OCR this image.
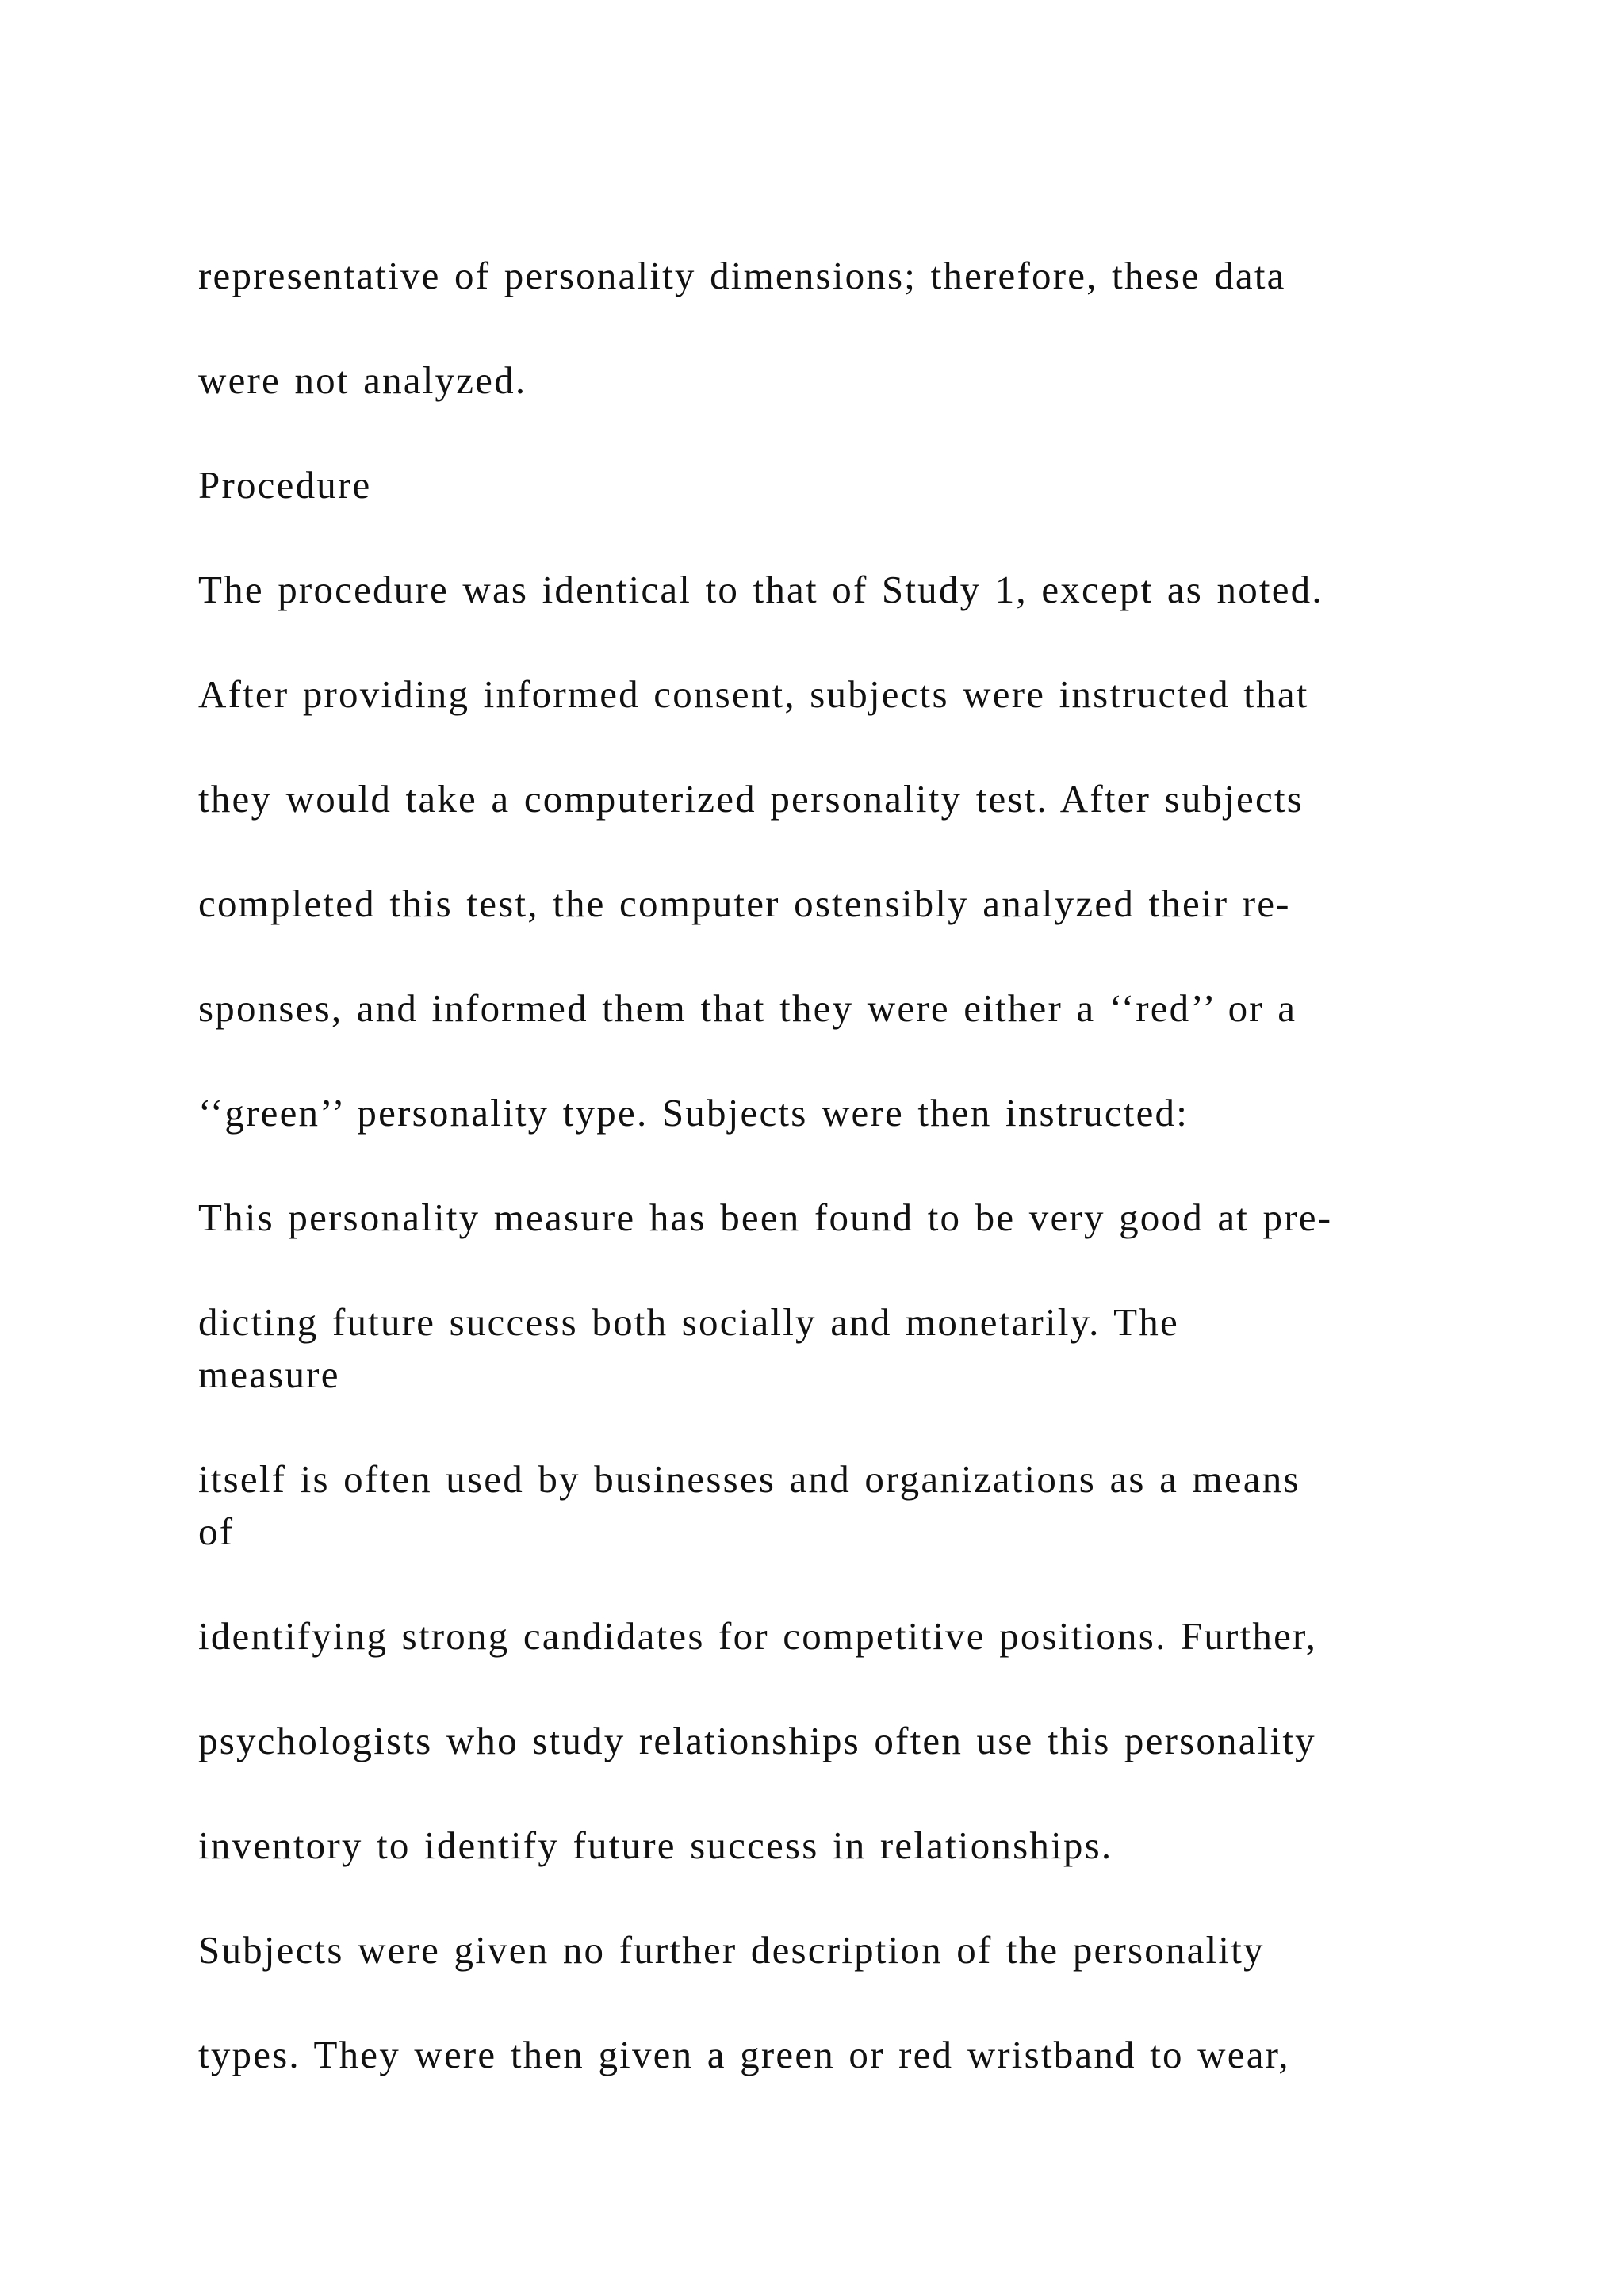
representative of personality dimensions; therefore, these data
were not analyzed.
Procedure
The procedure was identical to that of Study 1, except as noted.
After providing informed consent, subjects were instructed that
they would take a computerized personality test. After subjects
completed this test, the computer ostensibly analyzed their re-
sponses, and informed them that they were either a ‘‘red’’ or a
‘‘green’’ personality type. Subjects were then instructed:
This personality measure has been found to be very good at pre-
dicting future success both socially and monetarily. The
measure
itself is often used by businesses and organizations as a means
of
identifying strong candidates for competitive positions. Further,
psychologists who study relationships often use this personality
inventory to identify future success in relationships.
Subjects were given no further description of the personality
types. They were then given a green or red wristband to wear,
